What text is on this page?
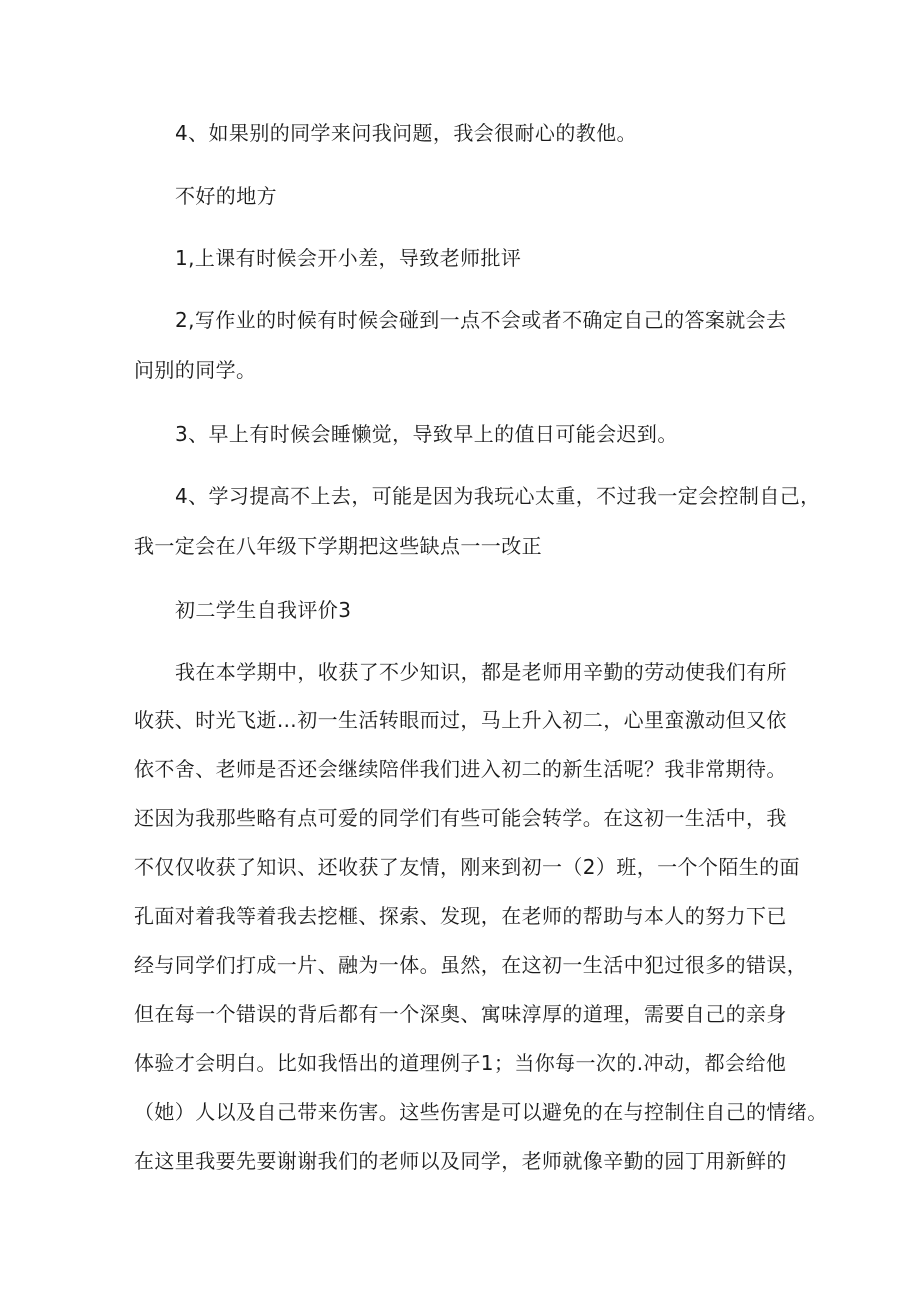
4、如果别的同学来问我问题，我会很耐心的教他。
不好的地方
1,上课有时候会开小差，导致老师批评
2,写作业的时候有时候会碰到一点不会或者不确定自己的答案就会去
问别的同学。
3、早上有时候会睡懒觉，导致早上的值日可能会迟到。
4、学习提高不上去，可能是因为我玩心太重，不过我一定会控制自己，
我一定会在八年级下学期把这些缺点一一改正
初二学生自我评价3
我在本学期中，收获了不少知识，都是老师用辛勤的劳动使我们有所
收获、时光飞逝…初一生活转眼而过，马上升入初二，心里蛮激动但又依
依不舍、老师是否还会继续陪伴我们进入初二的新生活呢？我非常期待。
还因为我那些略有点可爱的同学们有些可能会转学。在这初一生活中，我
不仅仅收获了知识、还收获了友情，刚来到初一（2）班，一个个陌生的面
孔面对着我等着我去挖榧、探索、发现，在老师的帮助与本人的努力下已
经与同学们打成一片、融为一体。虽然，在这初一生活中犯过很多的错误，
但在每一个错误的背后都有一个深奥、寓味淳厚的道理，需要自己的亲身
体验才会明白。比如我悟出的道理例子1；当你每一次的.冲动，都会给他
（她）人以及自己带来伤害。这些伤害是可以避免的在与控制住自己的情绪。
在这里我要先要谢谢我们的老师以及同学，老师就像辛勤的园丁用新鲜的
